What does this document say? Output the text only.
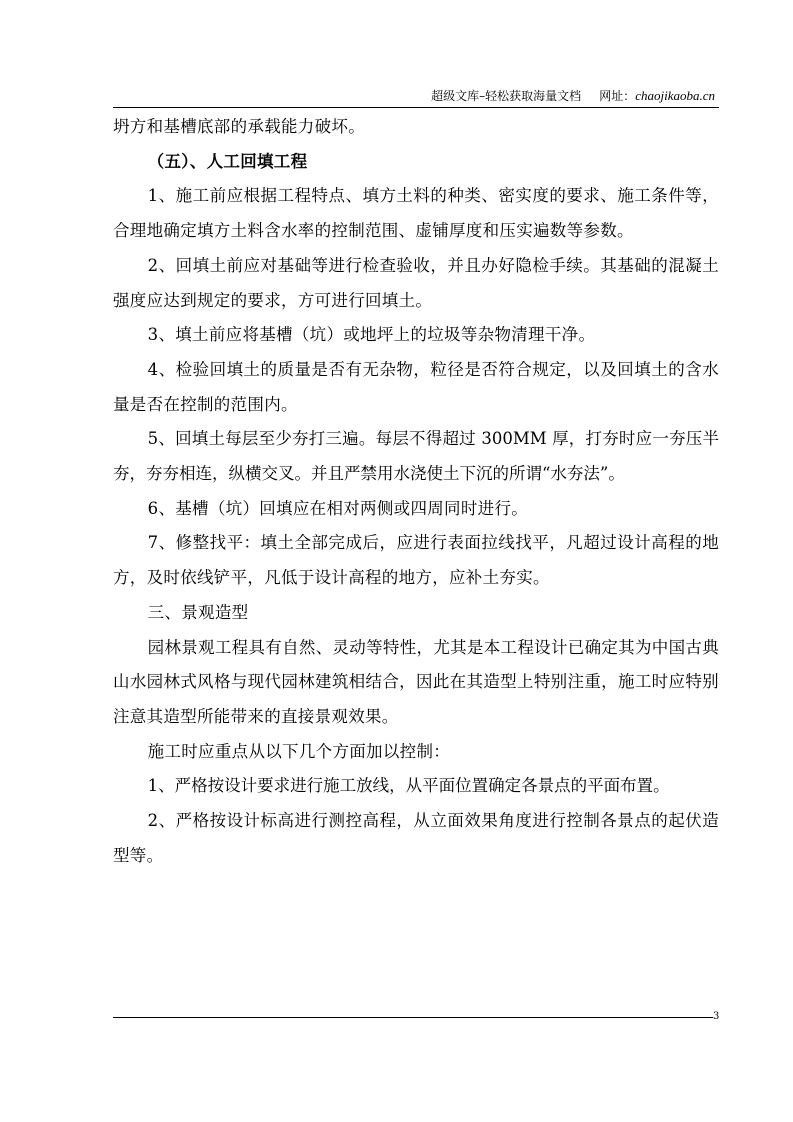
超级文库–轻松获取海量文档 网址：chaojikaoba.cn

坍方和基槽底部的承载能力破坏。

（五）、人工回填工程

1、施工前应根据工程特点、填方土料的种类、密实度的要求、施工条件等，合理地确定填方土料含水率的控制范围、虚铺厚度和压实遍数等参数。

2、回填土前应对基础等进行检查验收，并且办好隐检手续。其基础的混凝土强度应达到规定的要求，方可进行回填土。

3、填土前应将基槽（坑）或地坪上的垃圾等杂物清理干净。

4、检验回填土的质量是否有无杂物，粒径是否符合规定，以及回填土的含水量是否在控制的范围内。

5、回填土每层至少夯打三遍。每层不得超过 300MM 厚，打夯时应一夯压半夯，夯夯相连，纵横交叉。并且严禁用水浇使土下沉的所谓“水夯法”。

6、基槽（坑）回填应在相对两侧或四周同时进行。

7、修整找平：填土全部完成后，应进行表面拉线找平，凡超过设计高程的地方，及时依线铲平，凡低于设计高程的地方，应补土夯实。

三、景观造型

园林景观工程具有自然、灵动等特性，尤其是本工程设计已确定其为中国古典山水园林式风格与现代园林建筑相结合，因此在其造型上特别注重，施工时应特别注意其造型所能带来的直接景观效果。

施工时应重点从以下几个方面加以控制：

1、严格按设计要求进行施工放线，从平面位置确定各景点的平面布置。

2、严格按设计标高进行测控高程，从立面效果角度进行控制各景点的起伏造型等。

3
